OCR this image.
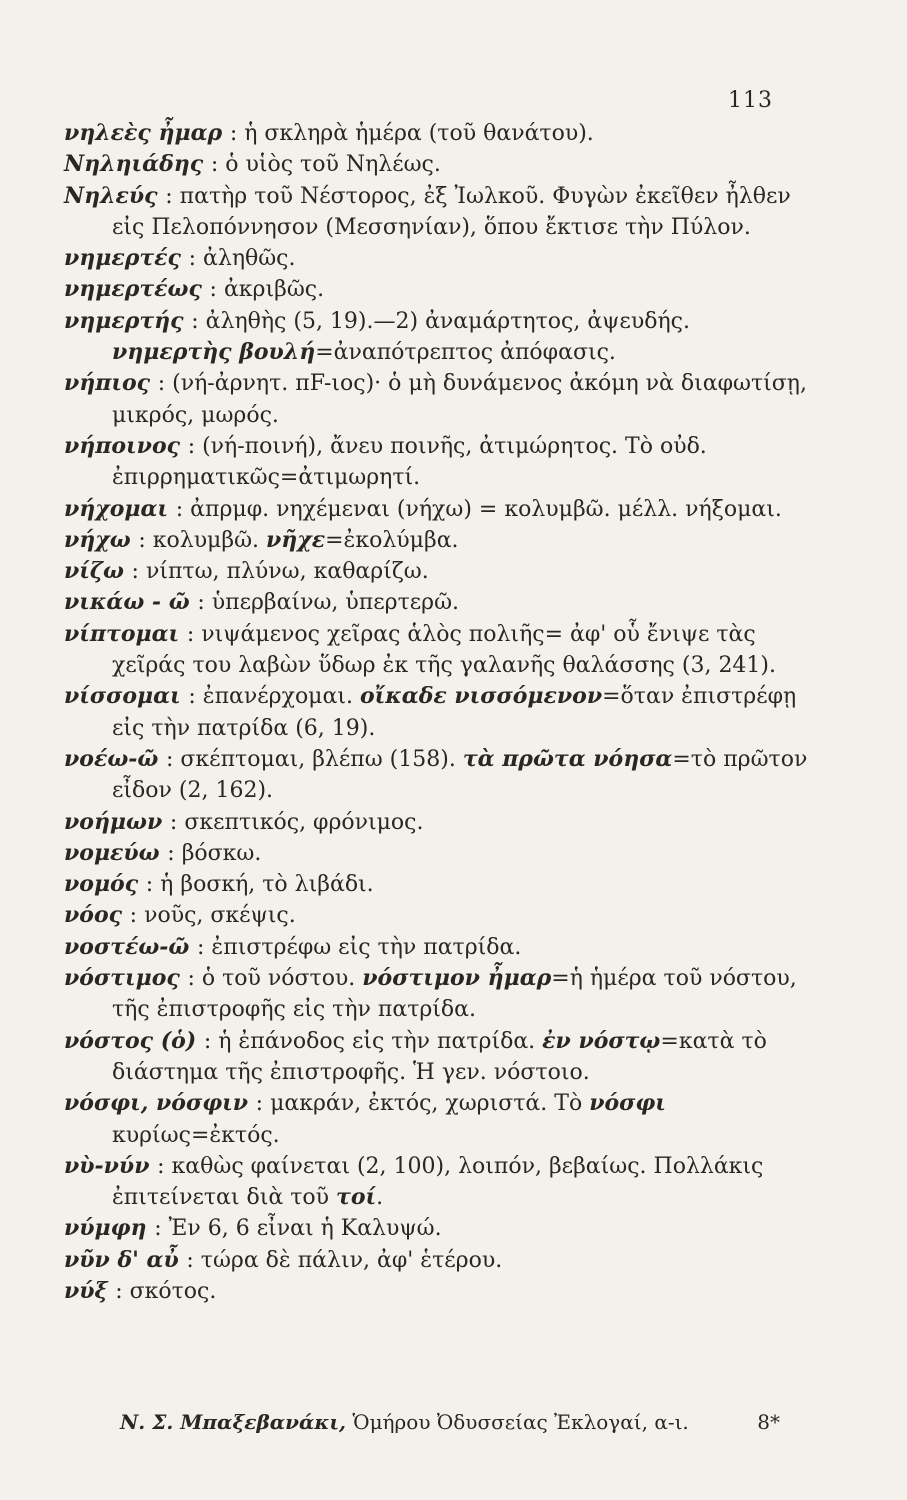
113
νηλεὲς ἦμαρ : ἡ σκληρὰ ἡμέρα (τοῦ θανάτου).
Νηληιάδης : ὁ υἱὸς τοῦ Νηλέως.
Νηλεύς : πατὴρ τοῦ Νέστορος, ἐξ Ἰωλκοῦ. Φυγὼν ἐκεῖθεν ἦλθεν εἰς Πελοπόννησον (Μεσσηνίαν), ὅπου ἔκτισε τὴν Πύλον.
νημερτές : ἀληθῶς.
νημερτέως : ἀκριβῶς.
νημερτής : ἀληθὴς (5, 19).—2) ἀναμάρτητος, ἀψευδής. νημερτὴς βουλή=ἀναπότρεπτος ἀπόφασις.
νήπιος : (νή-ἀρνητ. πF-ιος)· ὁ μὴ δυνάμενος ἀκόμη νὰ διαφωτίσῃ, μικρός, μωρός.
νήποινος : (νή-ποινή), ἄνευ ποινῆς, ἀτιμώρητος. Τὸ οὐδ. ἐπιρρηματικῶς=ἀτιμωρητί.
νήχομαι : ἀπρμφ. νηχέμεναι (νήχω) = κολυμβῶ. μέλλ. νήξομαι.
νήχω : κολυμβῶ. νῆχε=ἐκολύμβα.
νίζω : νίπτω, πλύνω, καθαρίζω.
νικάω - ῶ : ὑπερβαίνω, ὑπερτερῶ.
νίπτομαι : νιψάμενος χεῖρας ἁλὸς πολιῆς= ἀφ' οὗ ἔνιψε τὰς χεῖράς του λαβὼν ὕδωρ ἐκ τῆς γαλανῆς θαλάσσης (3, 241).
νίσσομαι : ἐπανέρχομαι. οἴκαδε νισσόμενον=ὅταν ἐπιστρέφῃ εἰς τὴν πατρίδα (6, 19).
νοέω-ῶ : σκέπτομαι, βλέπω (158). τὰ πρῶτα νόησα=τὸ πρῶτον εἶδον (2, 162).
νοήμων : σκεπτικός, φρόνιμος.
νομεύω : βόσκω.
νομός : ἡ βοσκή, τὸ λιβάδι.
νόος : νοῦς, σκέψις.
νοστέω-ῶ : ἐπιστρέφω εἰς τὴν πατρίδα.
νόστιμος : ὁ τοῦ νόστου. νόστιμον ἦμαρ=ἡ ἡμέρα τοῦ νόστου, τῆς ἐπιστροφῆς εἰς τὴν πατρίδα.
νόστος (ὁ) : ἡ ἐπάνοδος εἰς τὴν πατρίδα. ἐν νόστῳ=κατὰ τὸ διάστημα τῆς ἐπιστροφῆς. Ἡ γεν. νόστοιο.
νόσφι, νόσφιν : μακράν, ἐκτός, χωριστά. Τὸ νόσφι κυρίως=ἐκτός.
νὺ-νύν : καθὼς φαίνεται (2, 100), λοιπόν, βεβαίως. Πολλάκις ἐπιτείνεται διὰ τοῦ τοί.
νύμφη : Ἐν 6, 6 εἶναι ἡ Καλυψώ.
νῦν δ' αὖ : τώρα δὲ πάλιν, ἀφ' ἑτέρου.
νύξ : σκότος.
Ν. Σ. Μπαξεβανάκι, Ὁμήρου Ὀδυσσείας Ἐκλογαί, α-ι.	8*
